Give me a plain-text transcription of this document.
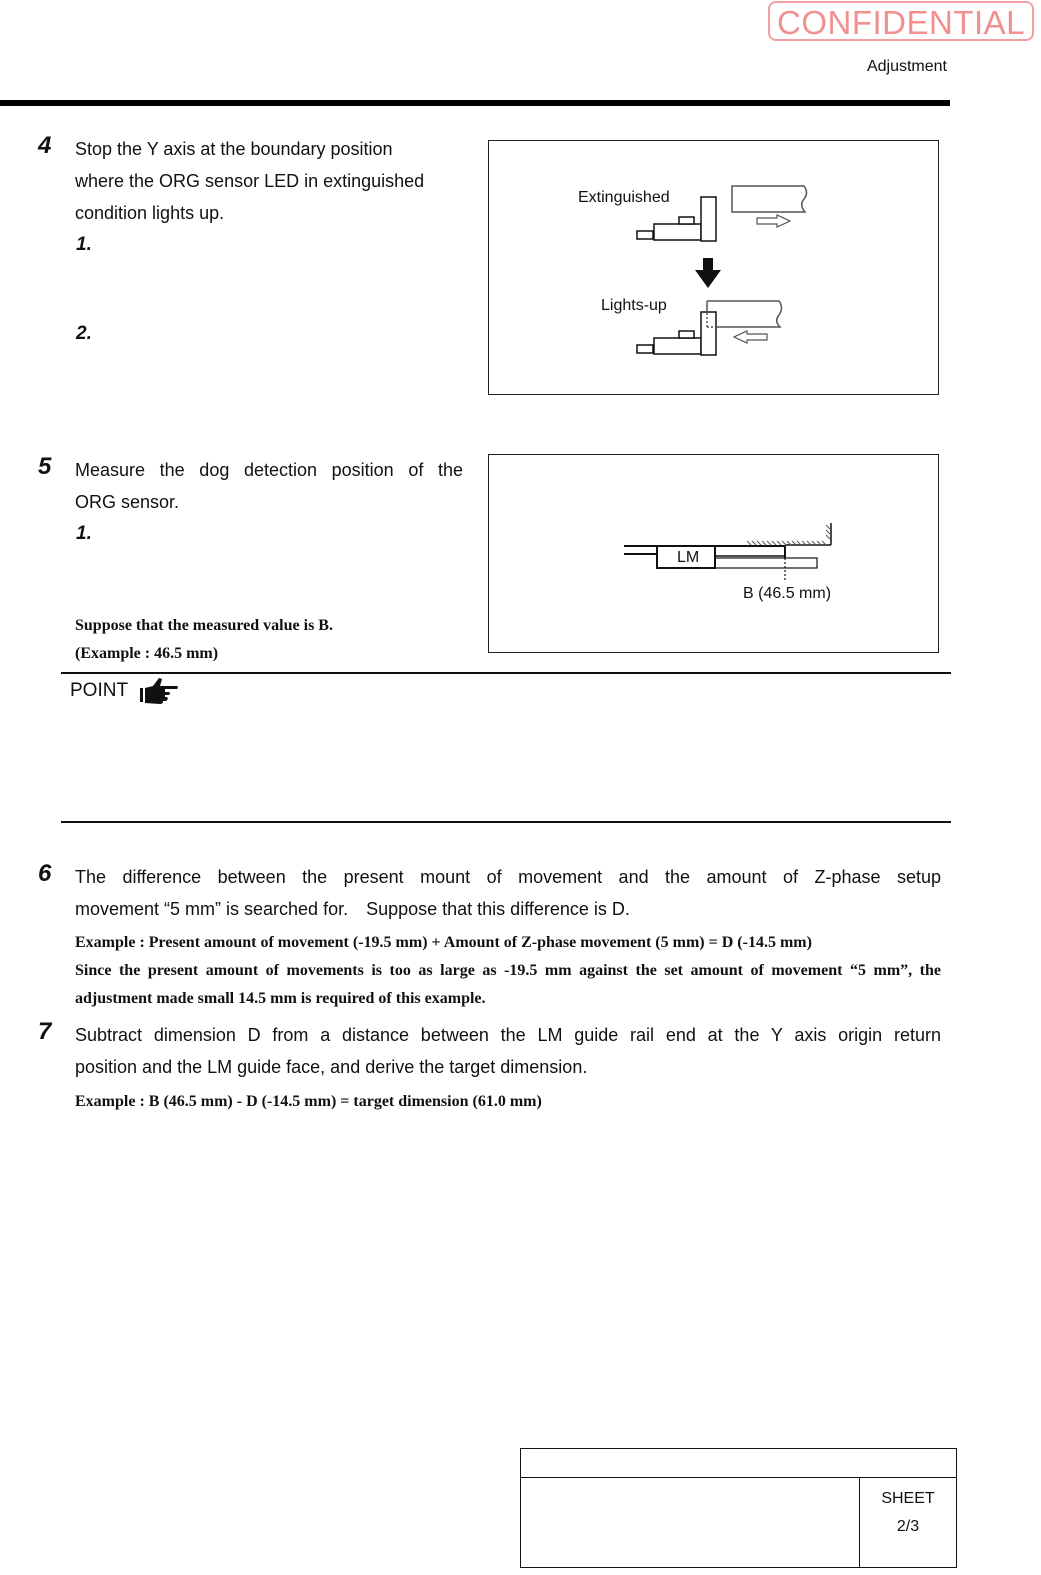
CONFIDENTIAL
Adjustment
4 Stop the Y axis at the boundary position
where the ORG sensor LED in extinguished
condition lights up.
1.
2.
Extinguished
Lights-up
5 Measure the dog detection position of the
ORG sensor.
1.
Suppose that the measured value is B.
(Example : 46.5 mm)
LM
B (46.5 mm)
POINT
6 The difference between the present mount of movement and the amount of Z-phase setup
movement “5 mm” is searched for.　Suppose that this difference is D.
Example : Present amount of movement (-19.5 mm) + Amount of Z-phase movement (5 mm) = D (-14.5 mm)
Since the present amount of movements is too as large as -19.5 mm against the set amount of movement “5 mm”, the
adjustment made small 14.5 mm is required of this example.
7 Subtract dimension D from a distance between the LM guide rail end at the Y axis origin return
position and the LM guide face, and derive the target dimension.
Example : B (46.5 mm) - D (-14.5 mm) = target dimension (61.0 mm)
SHEET
2/3
